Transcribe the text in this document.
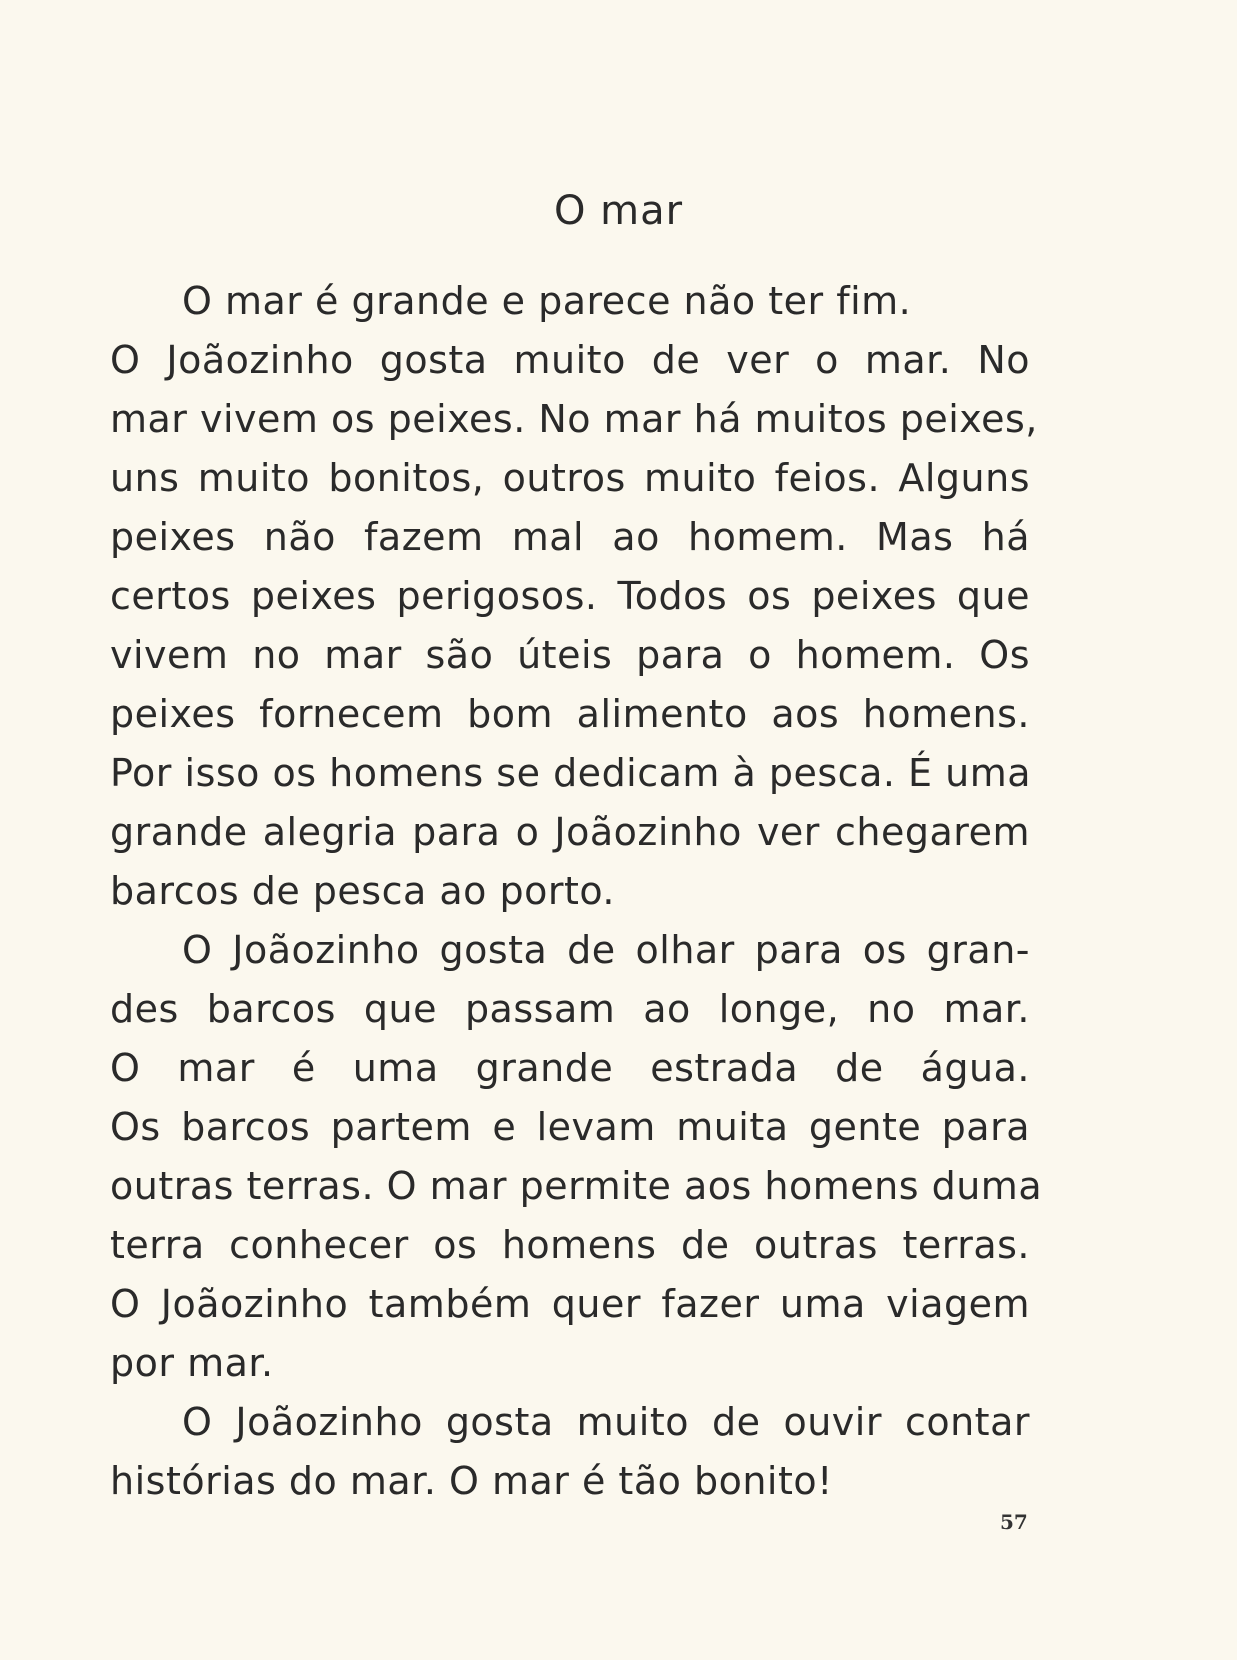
O mar
O mar é grande e parece não ter fim.
O Joãozinho gosta muito de ver o mar. No
mar vivem os peixes. No mar há muitos peixes,
uns muito bonitos, outros muito feios. Alguns
peixes não fazem mal ao homem. Mas há
certos peixes perigosos. Todos os peixes que
vivem no mar são úteis para o homem. Os
peixes fornecem bom alimento aos homens.
Por isso os homens se dedicam à pesca. É uma
grande alegria para o Joãozinho ver chegarem
barcos de pesca ao porto.
O Joãozinho gosta de olhar para os gran-
des barcos que passam ao longe, no mar.
O mar é uma grande estrada de água.
Os barcos partem e levam muita gente para
outras terras. O mar permite aos homens duma
terra conhecer os homens de outras terras.
O Joãozinho também quer fazer uma viagem
por mar.
O Joãozinho gosta muito de ouvir contar
histórias do mar. O mar é tão bonito!
57
